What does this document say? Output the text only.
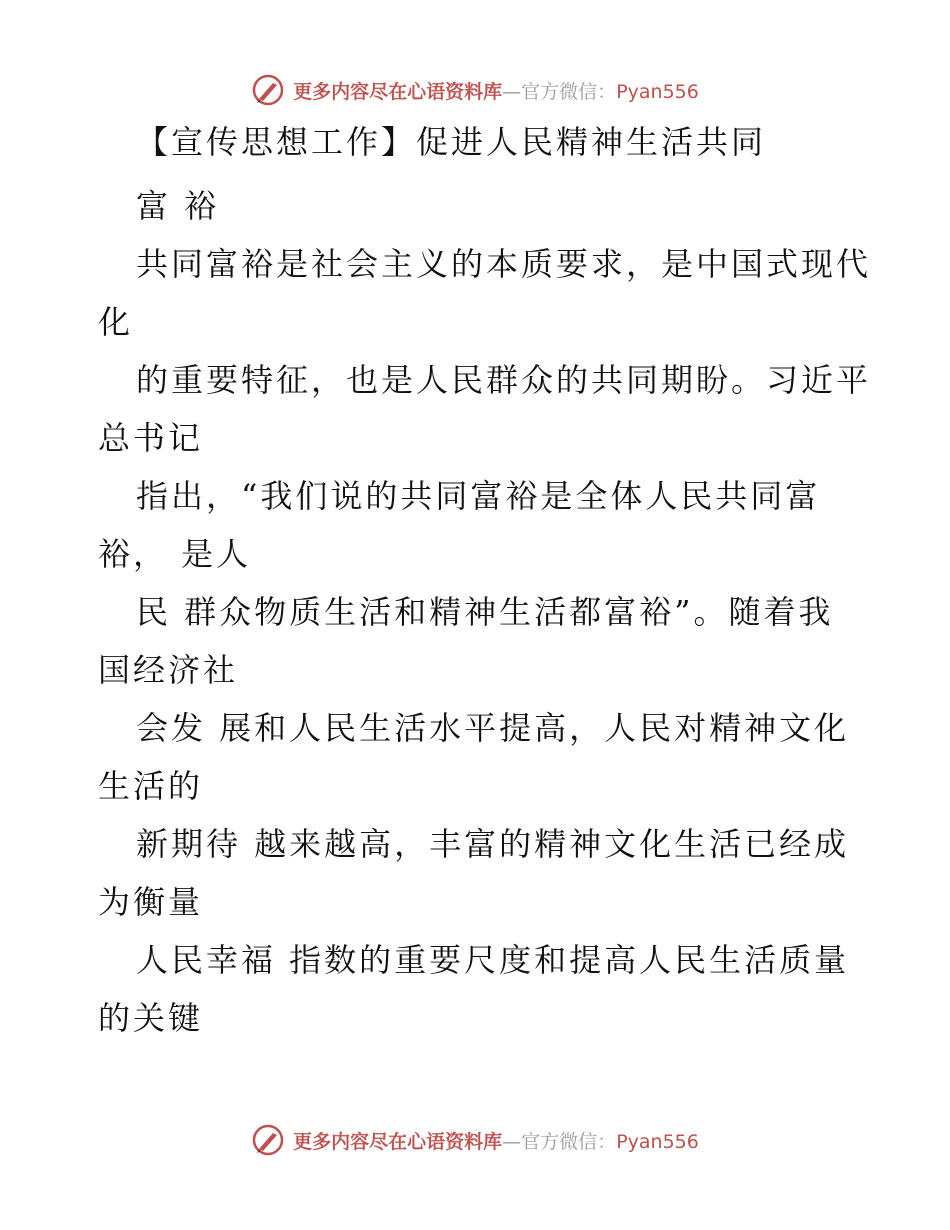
更多内容尽在心语资料库—官方微信：Pyan556
【宣传思想工作】促进人民精神生活共同
富 裕
共同富裕是社会主义的本质要求，是中国式现代
化
的重要特征，也是人民群众的共同期盼。习近平
总书记
指出，“我们说的共同富裕是全体人民共同富
裕， 是人
民 群众物质生活和精神生活都富裕”。随着我
国经济社
会发 展和人民生活水平提高，人民对精神文化
生活的
新期待 越来越高，丰富的精神文化生活已经成
为衡量
人民幸福 指数的重要尺度和提高人民生活质量
的关键
更多内容尽在心语资料库—官方微信：Pyan556
